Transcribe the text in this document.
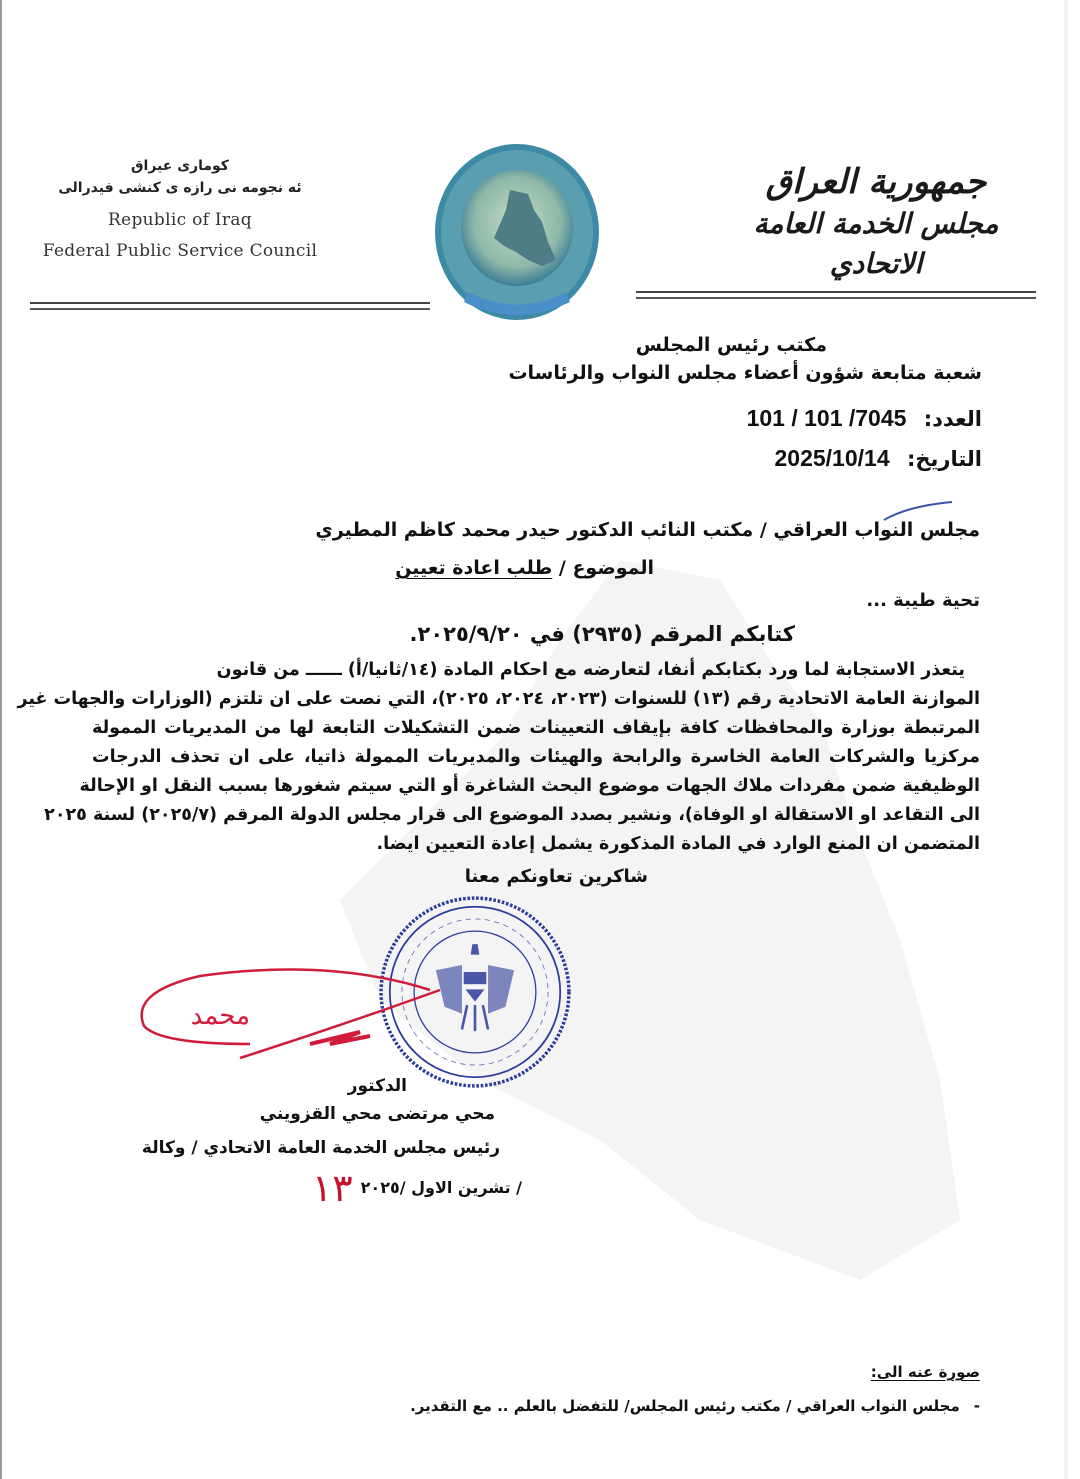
کوماری عیراق
ئه نجومه نی رازه ی کنشی فیدرالی
Republic of Iraq
Federal Public Service Council
جمهورية العراق
مجلس الخدمة العامة الاتحادي
مكتب رئيس المجلس
شعبة متابعة شؤون أعضاء مجلس النواب والرئاسات
العدد: 101 / 101 /7045
التاريخ: 2025/10/14
مجلس النواب العراقي / مكتب النائب الدكتور حيدر محمد كاظم المطيري
الموضوع / طلب اعادة تعيين
تحية طيبة ...
كتابكم المرقم (٢٩٣٥) في ٢٠٢٥/٩/٢٠.
يتعذر الاستجابة لما ورد بكتابكم أنفا، لتعارضه مع احكام المادة (١٤/ثانيا/أ) ــــــ من قانون
الموازنة العامة الاتحادية رقم (١٣) للسنوات (٢٠٢٣، ٢٠٢٤، ٢٠٢٥)، التي نصت على ان تلتزم (الوزارات والجهات غير
المرتبطة بوزارة والمحافظات كافة بإيقاف التعيينات ضمن التشكيلات التابعة لها من المديريات الممولة
مركزيا والشركات العامة الخاسرة والرابحة والهيئات والمديريات الممولة ذاتيا، على ان تحذف الدرجات
الوظيفية ضمن مفردات ملاك الجهات موضوع البحث الشاغرة أو التي سيتم شغورها بسبب النقل او الإحالة
الى التقاعد او الاستقالة او الوفاة)، ونشير بصدد الموضوع الى قرار مجلس الدولة المرقم (٢٠٢٥/٧) لسنة ٢٠٢٥
المتضمن ان المنع الوارد في المادة المذكورة يشمل إعادة التعيين ايضا.
شاكرين تعاونكم معنا
محمد
الدكتور
محي مرتضى محي القزويني
رئيس مجلس الخدمة العامة الاتحادي / وكالة
/ تشرين الاول /٢٠٢٥
١٣
صورة عنه الى:
-مجلس النواب العراقي / مكتب رئيس المجلس/ للتفضل بالعلم .. مع التقدير.
